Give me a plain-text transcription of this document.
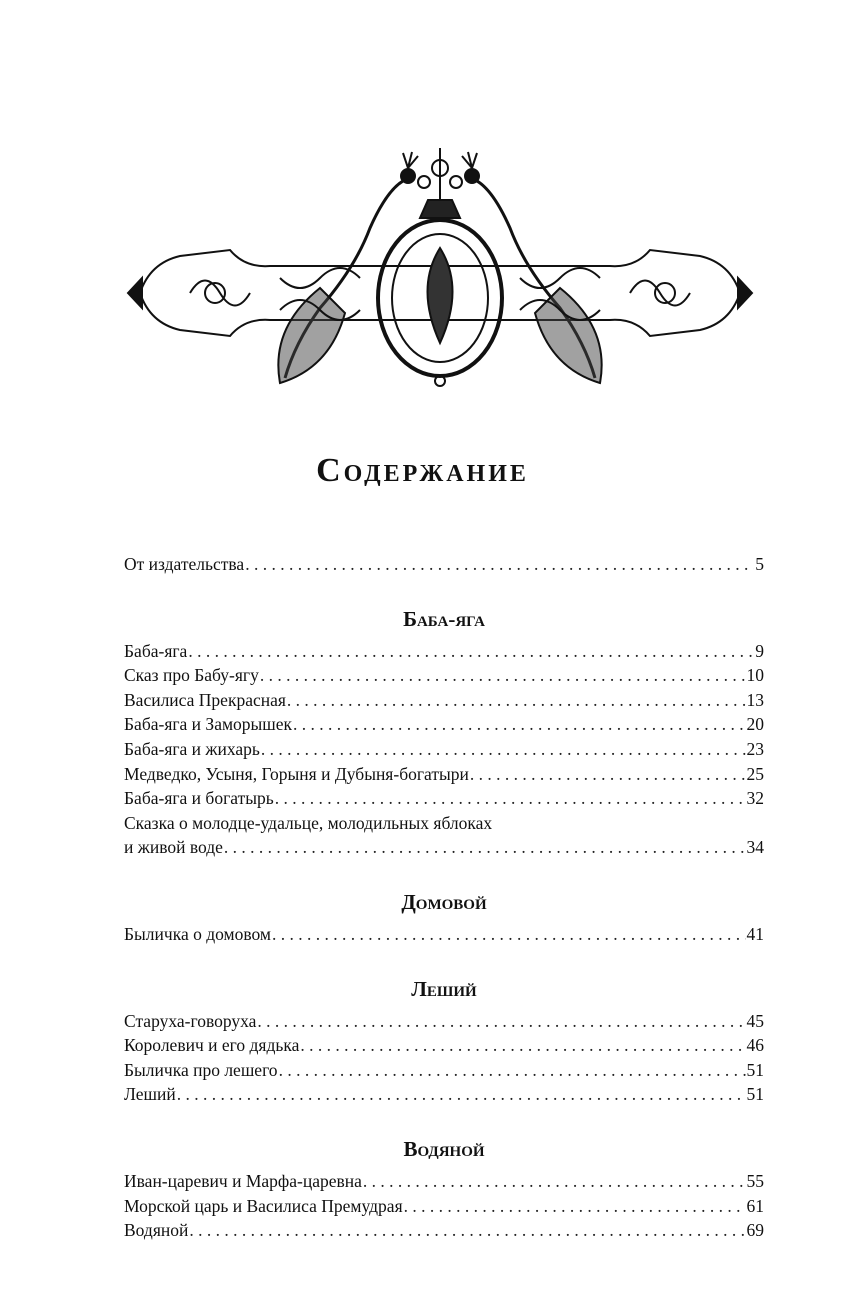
Содержание
От издательства . . .	5
Баба-яга
Баба-яга . . .	9
Сказ про Бабу-ягу . . .	10
Василиса Прекрасная . . .	13
Баба-яга и Заморышек . . .	20
Баба-яга и жихарь . . .	23
Медведко, Усыня, Горыня и Дубыня-богатыри . . .	25
Баба-яга и богатырь . . .	32
Сказка о молодце-удальце, молодильных яблоках
и живой воде . . .	34
Домовой
Быличка о домовом . . .	41
Леший
Старуха-говоруха . . .	45
Королевич и его дядька . . .	46
Быличка про лешего . . .	51
Леший . . .	51
Водяной
Иван-царевич и Марфа-царевна . . .	55
Морской царь и Василиса Премудрая . . .	61
Водяной . . .	69
